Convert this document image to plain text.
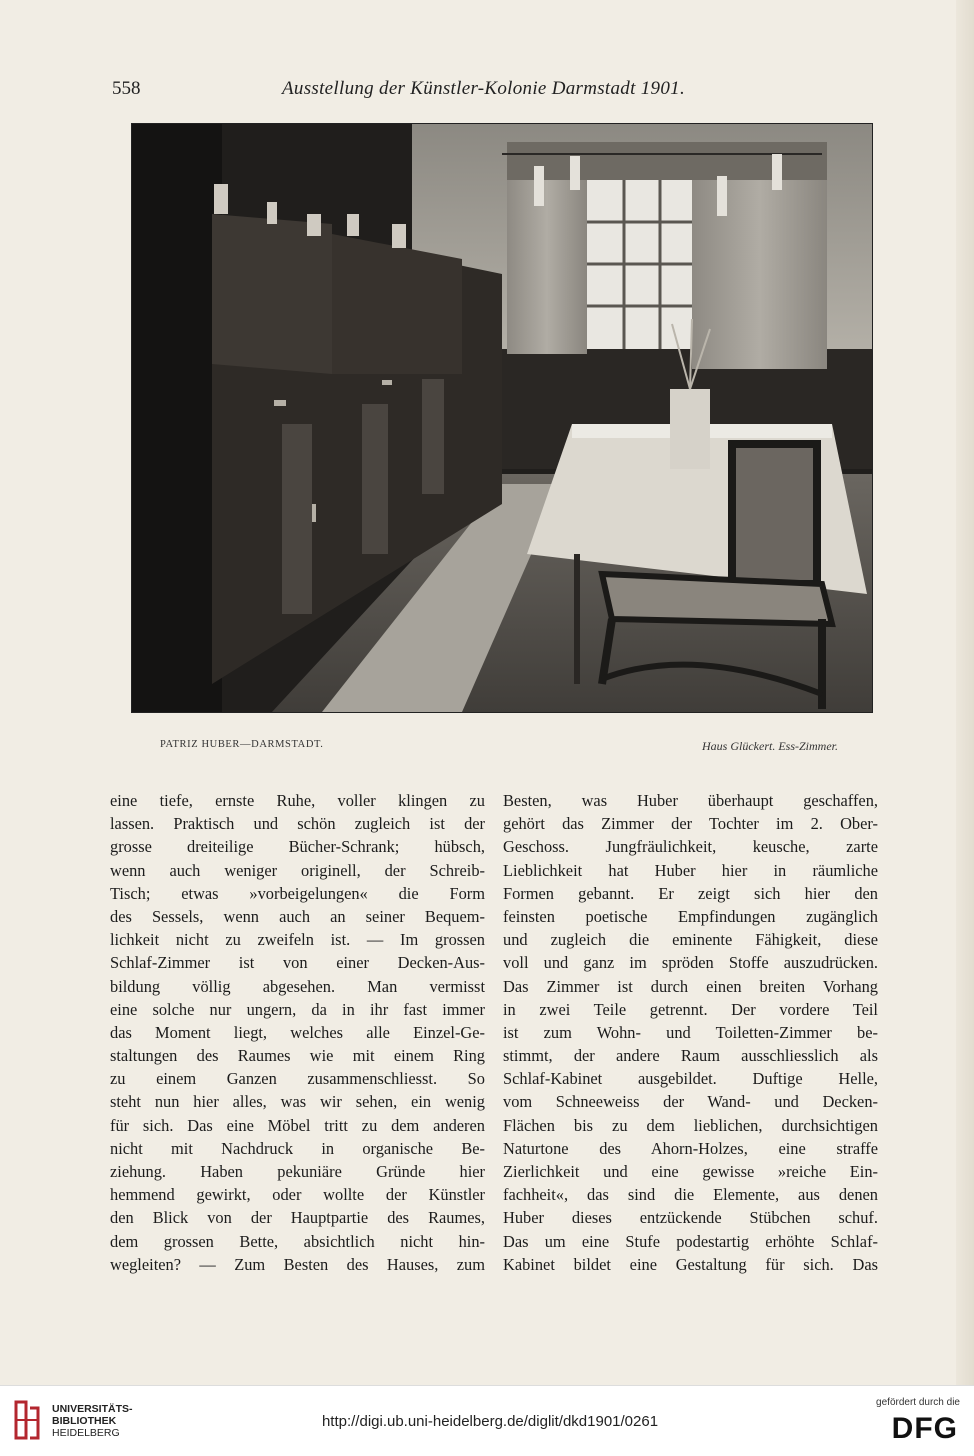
558	Ausstellung der Künstler-Kolonie Darmstadt 1901.
PATRIZ HUBER—DARMSTADT.	Haus Glückert. Ess-Zimmer.
eine tiefe, ernste Ruhe, voller klingen zu
lassen. Praktisch und schön zugleich ist der
grosse dreiteilige Bücher-Schrank; hübsch,
wenn auch weniger originell, der Schreib-
Tisch; etwas »vorbeigelungen« die Form
des Sessels, wenn auch an seiner Bequem-
lichkeit nicht zu zweifeln ist. — Im grossen
Schlaf-Zimmer ist von einer Decken-Aus-
bildung völlig abgesehen. Man vermisst
eine solche nur ungern, da in ihr fast immer
das Moment liegt, welches alle Einzel-Ge-
staltungen des Raumes wie mit einem Ring
zu einem Ganzen zusammenschliesst. So
steht nun hier alles, was wir sehen, ein wenig
für sich. Das eine Möbel tritt zu dem anderen
nicht mit Nachdruck in organische Be-
ziehung. Haben pekuniäre Gründe hier
hemmend gewirkt, oder wollte der Künstler
den Blick von der Hauptpartie des Raumes,
dem grossen Bette, absichtlich nicht hin-
wegleiten? — Zum Besten des Hauses, zum
Besten, was Huber überhaupt geschaffen,
gehört das Zimmer der Tochter im 2. Ober-
Geschoss. Jungfräulichkeit, keusche, zarte
Lieblichkeit hat Huber hier in räumliche
Formen gebannt. Er zeigt sich hier den
feinsten poetische Empfindungen zugänglich
und zugleich die eminente Fähigkeit, diese
voll und ganz im spröden Stoffe auszudrücken.
Das Zimmer ist durch einen breiten Vorhang
in zwei Teile getrennt. Der vordere Teil
ist zum Wohn- und Toiletten-Zimmer be-
stimmt, der andere Raum ausschliesslich als
Schlaf-Kabinet ausgebildet. Duftige Helle,
vom Schneeweiss der Wand- und Decken-
Flächen bis zu dem lieblichen, durchsichtigen
Naturtone des Ahorn-Holzes, eine straffe
Zierlichkeit und eine gewisse »reiche Ein-
fachheit«, das sind die Elemente, aus denen
Huber dieses entzückende Stübchen schuf.
Das um eine Stufe podestartig erhöhte Schlaf-
Kabinet bildet eine Gestaltung für sich. Das
UNIVERSITÄTS-
BIBLIOTHEK
HEIDELBERG
http://digi.ub.uni-heidelberg.de/diglit/dkd1901/0261
gefördert durch die
DFG
